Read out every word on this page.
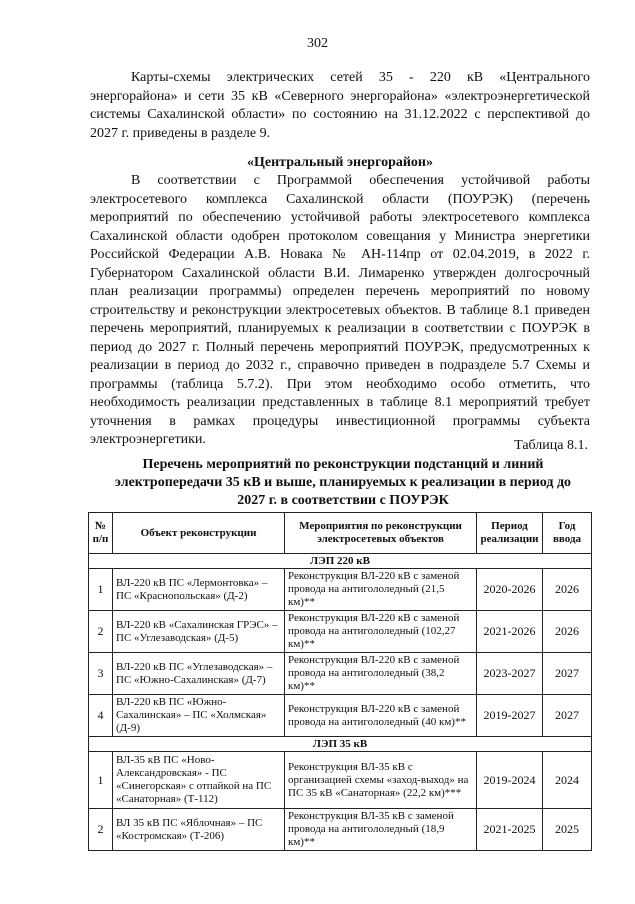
302
Карты-схемы электрических сетей 35 - 220 кВ «Центрального энергорайона» и сети 35 кВ «Северного энергорайона» «электроэнергетической системы Сахалинской области» по состоянию на 31.12.2022 с перспективой до 2027 г. приведены в разделе 9.
«Центральный энергорайон»
В соответствии с Программой обеспечения устойчивой работы электросетевого комплекса Сахалинской области (ПОУРЭК) (перечень мероприятий по обеспечению устойчивой работы электросетевого комплекса Сахалинской области одобрен протоколом совещания у Министра энергетики Российской Федерации А.В. Новака № АН-114пр от 02.04.2019, в 2022 г. Губернатором Сахалинской области В.И. Лимаренко утвержден долгосрочный план реализации программы) определен перечень мероприятий по новому строительству и реконструкции электросетевых объектов. В таблице 8.1 приведен перечень мероприятий, планируемых к реализации в соответствии с ПОУРЭК в период до 2027 г. Полный перечень мероприятий ПОУРЭК, предусмотренных к реализации в период до 2032 г., справочно приведен в подразделе 5.7 Схемы и программы (таблица 5.7.2). При этом необходимо особо отметить, что необходимость реализации представленных в таблице 8.1 мероприятий требует уточнения в рамках процедуры инвестиционной программы субъекта электроэнергетики.	Таблица 8.1.
Перечень мероприятий по реконструкции подстанций и линий электропередачи 35 кВ и выше, планируемых к реализации в период до 2027 г. в соответствии с ПОУРЭК
№ п/п	Объект реконструкции	Мероприятия по реконструкции электросетевых объектов	Период реализации	Год ввода
ЛЭП 220 кВ				
1	ВЛ-220 кВ ПС «Лермонтовка» – ПС «Краснопольская» (Д-2)	Реконструкция ВЛ-220 кВ с заменой провода на антигололедный (21,5 км)**	2020-2026	2026
2	ВЛ-220 кВ «Сахалинская ГРЭС» – ПС «Углезаводская» (Д-5)	Реконструкция ВЛ-220 кВ с заменой провода на антигололедный (102,27 км)**	2021-2026	2026
3	ВЛ-220 кВ ПС «Углезаводская» – ПС «Южно-Сахалинская» (Д-7)	Реконструкция ВЛ-220 кВ с заменой провода на антигололедный (38,2 км)**	2023-2027	2027
4	ВЛ-220 кВ ПС «Южно-Сахалинская» – ПС «Холмская» (Д-9)	Реконструкция ВЛ-220 кВ с заменой провода на антигололедный (40 км)**	2019-2027	2027
ЛЭП 35 кВ				
1	ВЛ-35 кВ ПС «Ново-Александровская» - ПС «Синегорская» с отпайкой на ПС «Санаторная» (Т-112)	Реконструкция ВЛ-35 кВ с организацией схемы «заход-выход» на ПС 35 кВ «Санаторная» (22,2 км)***	2019-2024	2024
2	ВЛ 35 кВ ПС «Яблочная» – ПС «Костромская» (Т-206)	Реконструкция ВЛ-35 кВ с заменой провода на антигололедный (18,9 км)**	2021-2025	2025
